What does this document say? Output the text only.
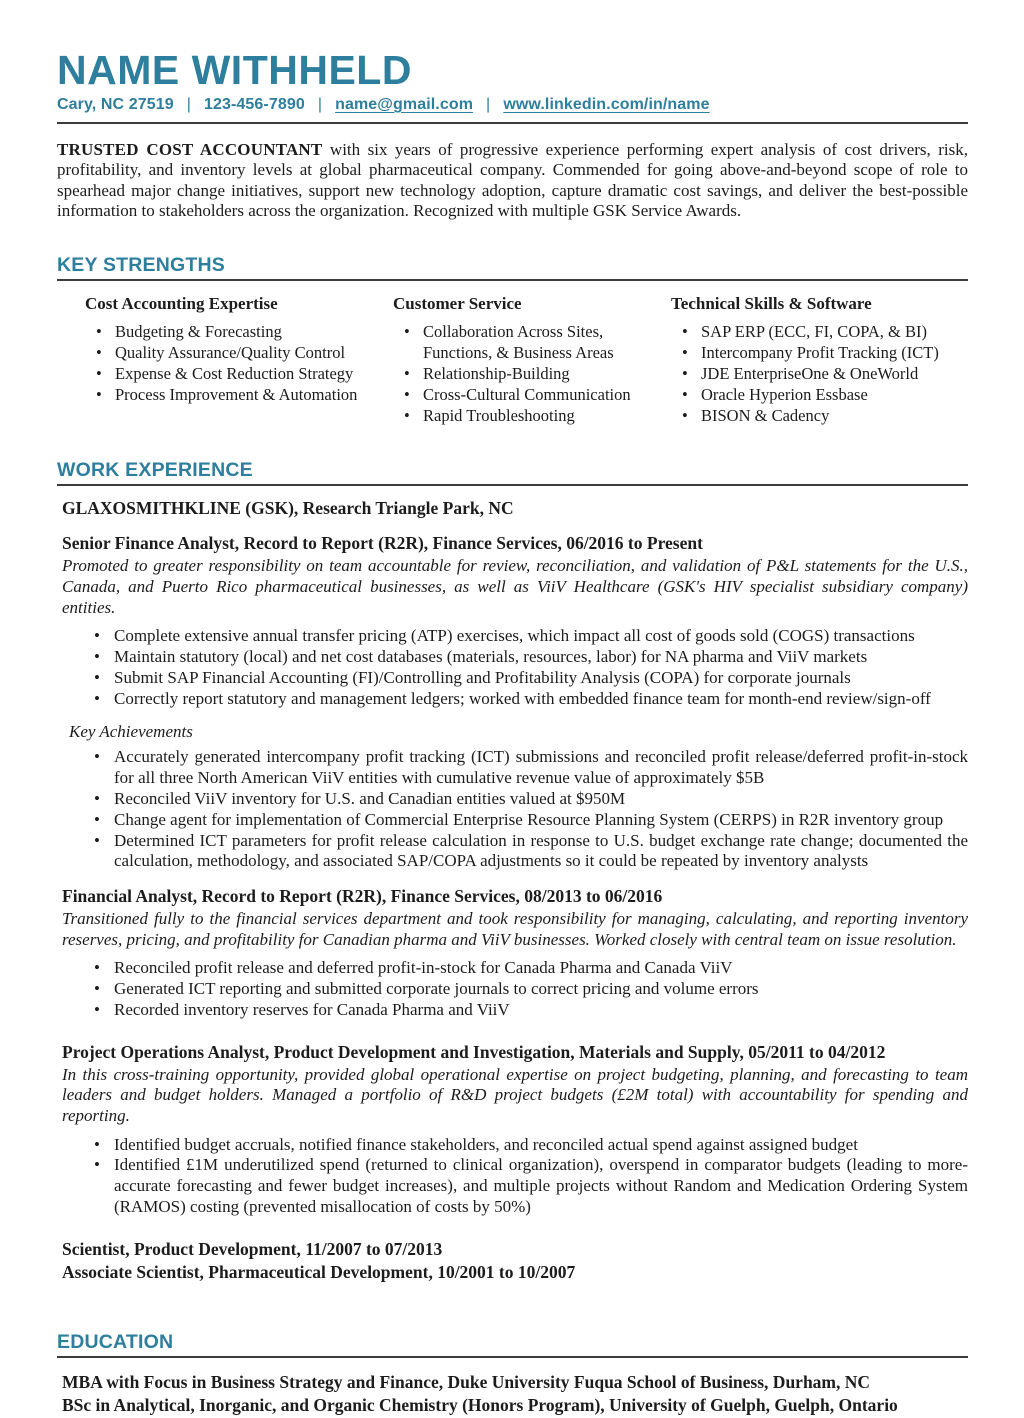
NAME WITHHELD
Cary, NC 27519 | 123-456-7890 | name@gmail.com | www.linkedin.com/in/name

TRUSTED COST ACCOUNTANT with six years of progressive experience performing expert analysis of cost drivers, risk, profitability, and inventory levels at global pharmaceutical company. Commended for going above-and-beyond scope of role to spearhead major change initiatives, support new technology adoption, capture dramatic cost savings, and deliver the best-possible information to stakeholders across the organization. Recognized with multiple GSK Service Awards.

KEY STRENGTHS
Cost Accounting Expertise
• Budgeting & Forecasting
• Quality Assurance/Quality Control
• Expense & Cost Reduction Strategy
• Process Improvement & Automation
Customer Service
• Collaboration Across Sites, Functions, & Business Areas
• Relationship-Building
• Cross-Cultural Communication
• Rapid Troubleshooting
Technical Skills & Software
• SAP ERP (ECC, FI, COPA, & BI)
• Intercompany Profit Tracking (ICT)
• JDE EnterpriseOne & OneWorld
• Oracle Hyperion Essbase
• BISON & Cadency
WORK EXPERIENCE
GLAXOSMITHKLINE (GSK), Research Triangle Park, NC
Senior Finance Analyst, Record to Report (R2R), Finance Services, 06/2016 to Present
Promoted to greater responsibility on team accountable for review, reconciliation, and validation of P&L statements for the U.S., Canada, and Puerto Rico pharmaceutical businesses, as well as ViiV Healthcare (GSK's HIV specialist subsidiary company) entities.
• Complete extensive annual transfer pricing (ATP) exercises, which impact all cost of goods sold (COGS) transactions
• Maintain statutory (local) and net cost databases (materials, resources, labor) for NA pharma and ViiV markets
• Submit SAP Financial Accounting (FI)/Controlling and Profitability Analysis (COPA) for corporate journals
• Correctly report statutory and management ledgers; worked with embedded finance team for month-end review/sign-off
Key Achievements
• Accurately generated intercompany profit tracking (ICT) submissions and reconciled profit release/deferred profit-in-stock for all three North American ViiV entities with cumulative revenue value of approximately $5B
• Reconciled ViiV inventory for U.S. and Canadian entities valued at $950M
• Change agent for implementation of Commercial Enterprise Resource Planning System (CERPS) in R2R inventory group
• Determined ICT parameters for profit release calculation in response to U.S. budget exchange rate change; documented the calculation, methodology, and associated SAP/COPA adjustments so it could be repeated by inventory analysts
Financial Analyst, Record to Report (R2R), Finance Services, 08/2013 to 06/2016
Transitioned fully to the financial services department and took responsibility for managing, calculating, and reporting inventory reserves, pricing, and profitability for Canadian pharma and ViiV businesses. Worked closely with central team on issue resolution.
• Reconciled profit release and deferred profit-in-stock for Canada Pharma and Canada ViiV
• Generated ICT reporting and submitted corporate journals to correct pricing and volume errors
• Recorded inventory reserves for Canada Pharma and ViiV
Project Operations Analyst, Product Development and Investigation, Materials and Supply, 05/2011 to 04/2012
In this cross-training opportunity, provided global operational expertise on project budgeting, planning, and forecasting to team leaders and budget holders. Managed a portfolio of R&D project budgets (£2M total) with accountability for spending and reporting.
• Identified budget accruals, notified finance stakeholders, and reconciled actual spend against assigned budget
• Identified £1M underutilized spend (returned to clinical organization), overspend in comparator budgets (leading to more-accurate forecasting and fewer budget increases), and multiple projects without Random and Medication Ordering System (RAMOS) costing (prevented misallocation of costs by 50%)
Scientist, Product Development, 11/2007 to 07/2013
Associate Scientist, Pharmaceutical Development, 10/2001 to 10/2007
EDUCATION
MBA with Focus in Business Strategy and Finance, Duke University Fuqua School of Business, Durham, NC
BSc in Analytical, Inorganic, and Organic Chemistry (Honors Program), University of Guelph, Guelph, Ontario
